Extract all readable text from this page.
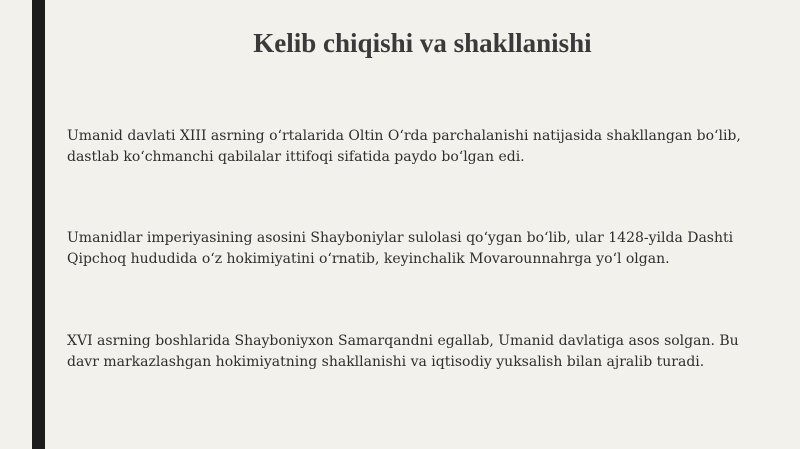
Kelib chiqishi va shakllanishi

Umanid davlati XIII asrning oʻrtalarida Oltin Oʻrda parchalanishi natijasida shakllangan boʻlib, dastlab koʻchmanchi qabilalar ittifoqi sifatida paydo boʻlgan edi.

Umanidlar imperiyasining asosini Shayboniylar sulolasi qoʻygan boʻlib, ular 1428-yilda Dashti Qipchoq hududida oʻz hokimiyatini oʻrnatib, keyinchalik Movarounnahrga yoʻl olgan.

XVI asrning boshlarida Shayboniyxon Samarqandni egallab, Umanid davlatiga asos solgan. Bu davr markazlashgan hokimiyatning shakllanishi va iqtisodiy yuksalish bilan ajralib turadi.
